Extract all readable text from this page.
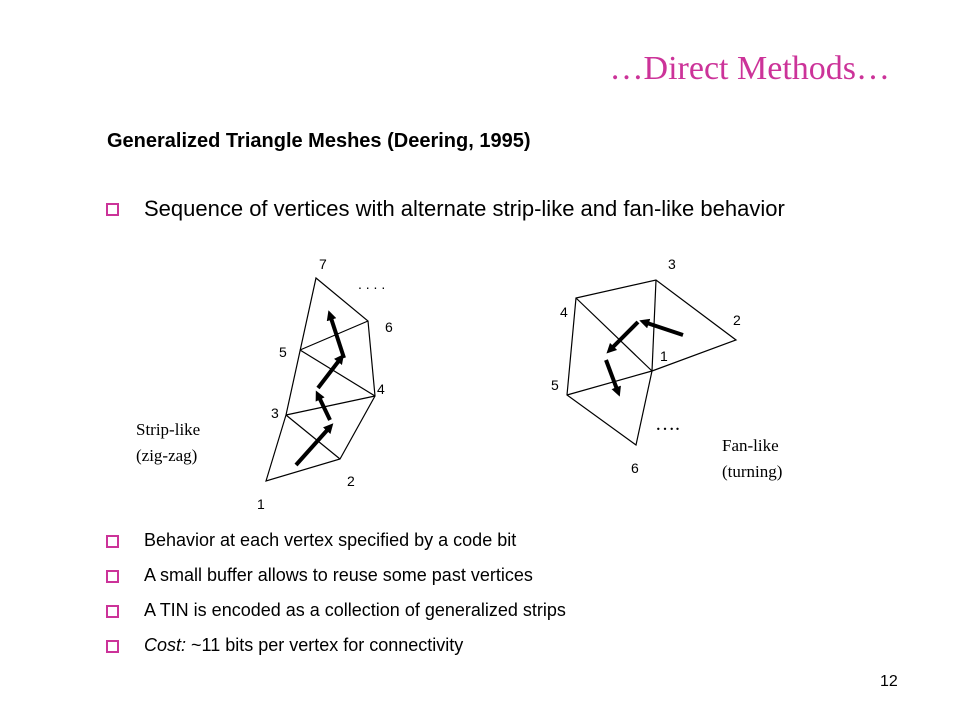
…Direct Methods…
Generalized Triangle Meshes (Deering, 1995)
Sequence of vertices with alternate strip-like and fan-like behavior
7
6
5
4
3
2
1
. . . .
Strip-like
(zig-zag)
3
4	2
1
5
6
….
Fan-like
(turning)
Behavior at each vertex specified by a code bit
A small buffer allows to reuse some past vertices
A TIN is encoded as a collection of generalized strips
Cost: ~11 bits per vertex for connectivity
12
